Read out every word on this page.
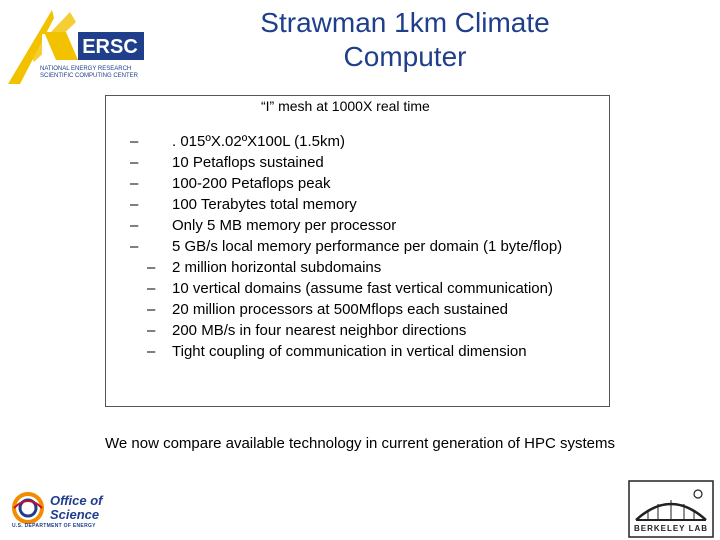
ERSC
NATIONAL ENERGY RESEARCH
SCIENTIFIC COMPUTING CENTER
Strawman 1km Climate
Computer
“I” mesh at 1000X real time
– . 015ºX.02ºX100L (1.5km)
– 10 Petaflops sustained
– 100-200 Petaflops peak
– 100 Terabytes total memory
– Only 5 MB memory per processor
– 5 GB/s local memory performance per domain (1 byte/flop)
– 2 million horizontal subdomains
– 10 vertical domains (assume fast vertical communication)
– 20 million processors at 500Mflops each sustained
– 200 MB/s in four nearest neighbor directions
– Tight coupling of communication in vertical dimension
We now compare available technology in current generation of HPC systems
Office of
Science
U.S. DEPARTMENT OF ENERGY	BERKELEY LAB
